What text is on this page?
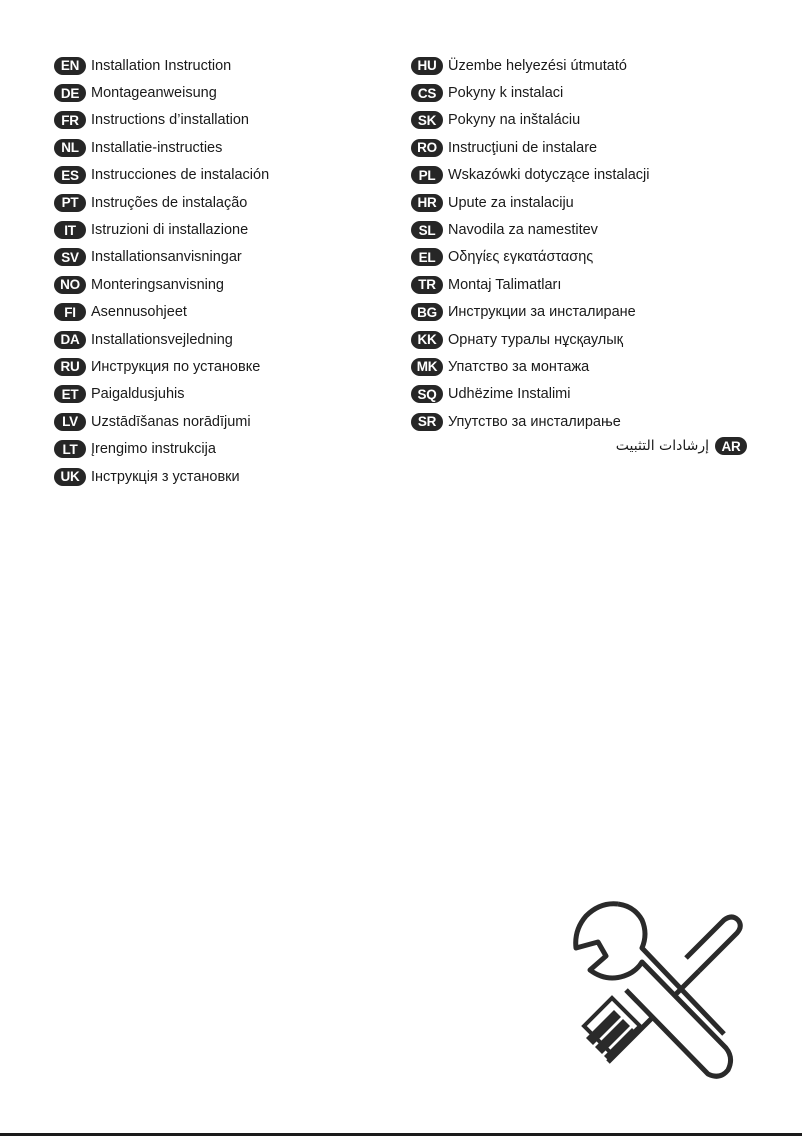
EN Installation Instruction
DE Montageanweisung
FR Instructions d’installation
NL Installatie-instructies
ES Instrucciones de instalación
PT Instruções de instalação
IT	Istruzioni di installazione
SV Installationsanvisningar
NO Monteringsanvisning
FI	Asennusohjeet
DA Installationsvejledning
RU Инструкция по установке
ET Paigaldusjuhis
LV Uzstādīšanas norādījumi
LT Įrengimo instrukcija
UK Інструкція з установки
HU Üzembe helyezési útmutató
CS Pokyny k instalaci
SK Pokyny na inštaláciu
RO Instrucţiuni de instalare
PL Wskazówki dotyczące instalacji
HR Upute za instalaciju
SL Navodila za namestitev
EL Οδηγίες εγκατάστασης
TR Montaj Talimatları
BG Инструкции за инсталиране
KK Орнату туралы нұсқаулық
MK Упатство за монтажа
SQ Udhëzime Instalimi
SR Упутство за инсталирање
إرشادات التثبيت AR
